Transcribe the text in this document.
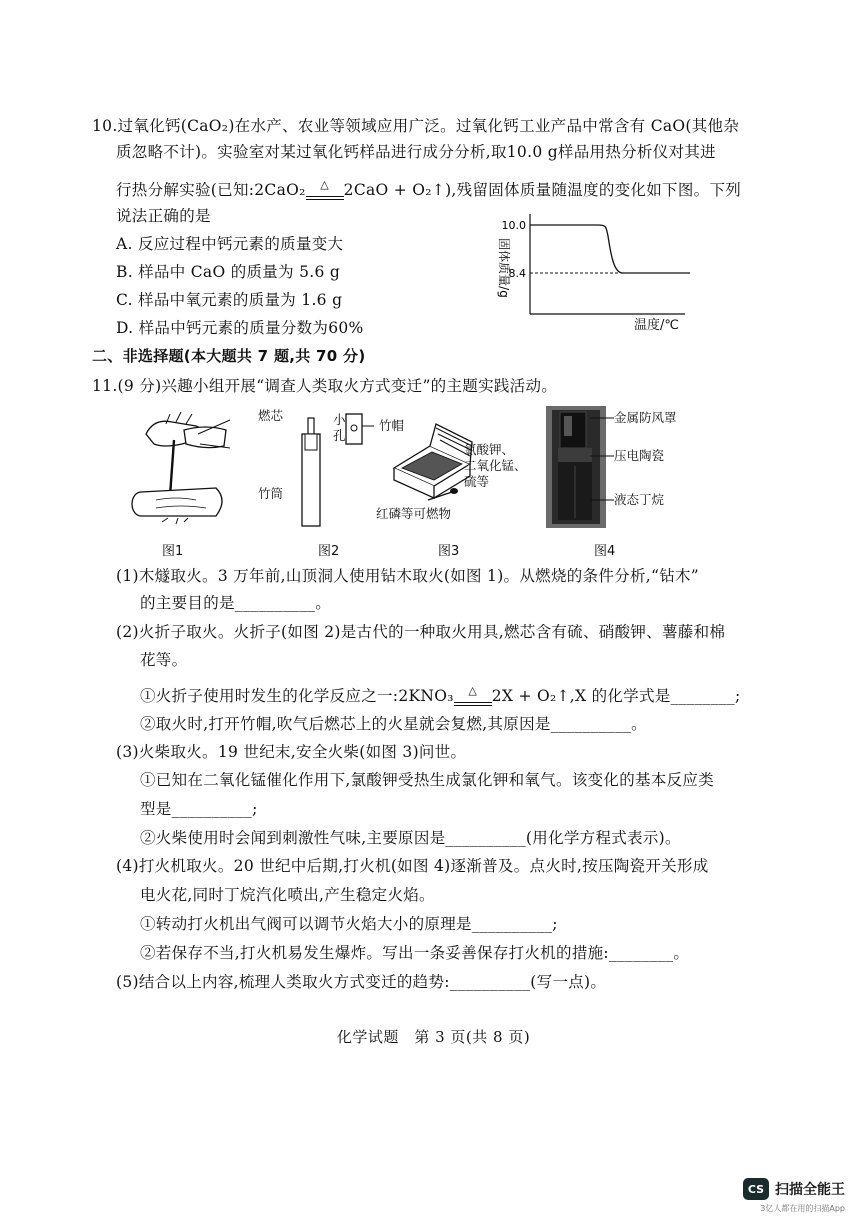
10.过氧化钙(CaO₂)在水产、农业等领域应用广泛。过氧化钙工业产品中常含有 CaO(其他杂
质忽略不计)。实验室对某过氧化钙样品进行成分分析,取10.0 g样品用热分析仪对其进
行热分解实验(已知:2CaO₂	△ 2CaO + O₂↑),残留固体质量随温度的变化如下图。下列
说法正确的是
A. 反应过程中钙元素的质量变大
B. 样品中 CaO 的质量为 5.6 g
C. 样品中氧元素的质量为 1.6 g
D. 样品中钙元素的质量分数为60%
固体质量/g
10.0
8.4
温度/℃
二、非选择题(本大题共 7 题,共 70 分)
11.(9 分)兴趣小组开展“调查人类取火方式变迁”的主题实践活动。
燃芯	小
孔
竹帽
竹筒
氯酸钾、
二氧化锰、
硫等
红磷等可燃物
金属防风罩
压电陶瓷
液态丁烷
图1	图2	图3	图4
(1)木燧取火。3 万年前,山顶洞人使用钻木取火(如图 1)。从燃烧的条件分析,“钻木”
的主要目的是__________。
(2)火折子取火。火折子(如图 2)是古代的一种取火用具,燃芯含有硫、硝酸钾、薯藤和棉
花等。
①火折子使用时发生的化学反应之一:2KNO₃	△ 2X + O₂↑,X 的化学式是________;
②取火时,打开竹帽,吹气后燃芯上的火星就会复燃,其原因是__________。
(3)火柴取火。19 世纪末,安全火柴(如图 3)问世。
①已知在二氧化锰催化作用下,氯酸钾受热生成氯化钾和氧气。该变化的基本反应类
型是__________;
②火柴使用时会闻到刺激性气味,主要原因是__________(用化学方程式表示)。
(4)打火机取火。20 世纪中后期,打火机(如图 4)逐渐普及。点火时,按压陶瓷开关形成
电火花,同时丁烷汽化喷出,产生稳定火焰。
①转动打火机出气阀可以调节火焰大小的原理是__________;
②若保存不当,打火机易发生爆炸。写出一条妥善保存打火机的措施:________。
(5)结合以上内容,梳理人类取火方式变迁的趋势:__________(写一点)。
化学试题　第 3 页(共 8 页)
CS 扫描全能王
3亿人都在用的扫描App
